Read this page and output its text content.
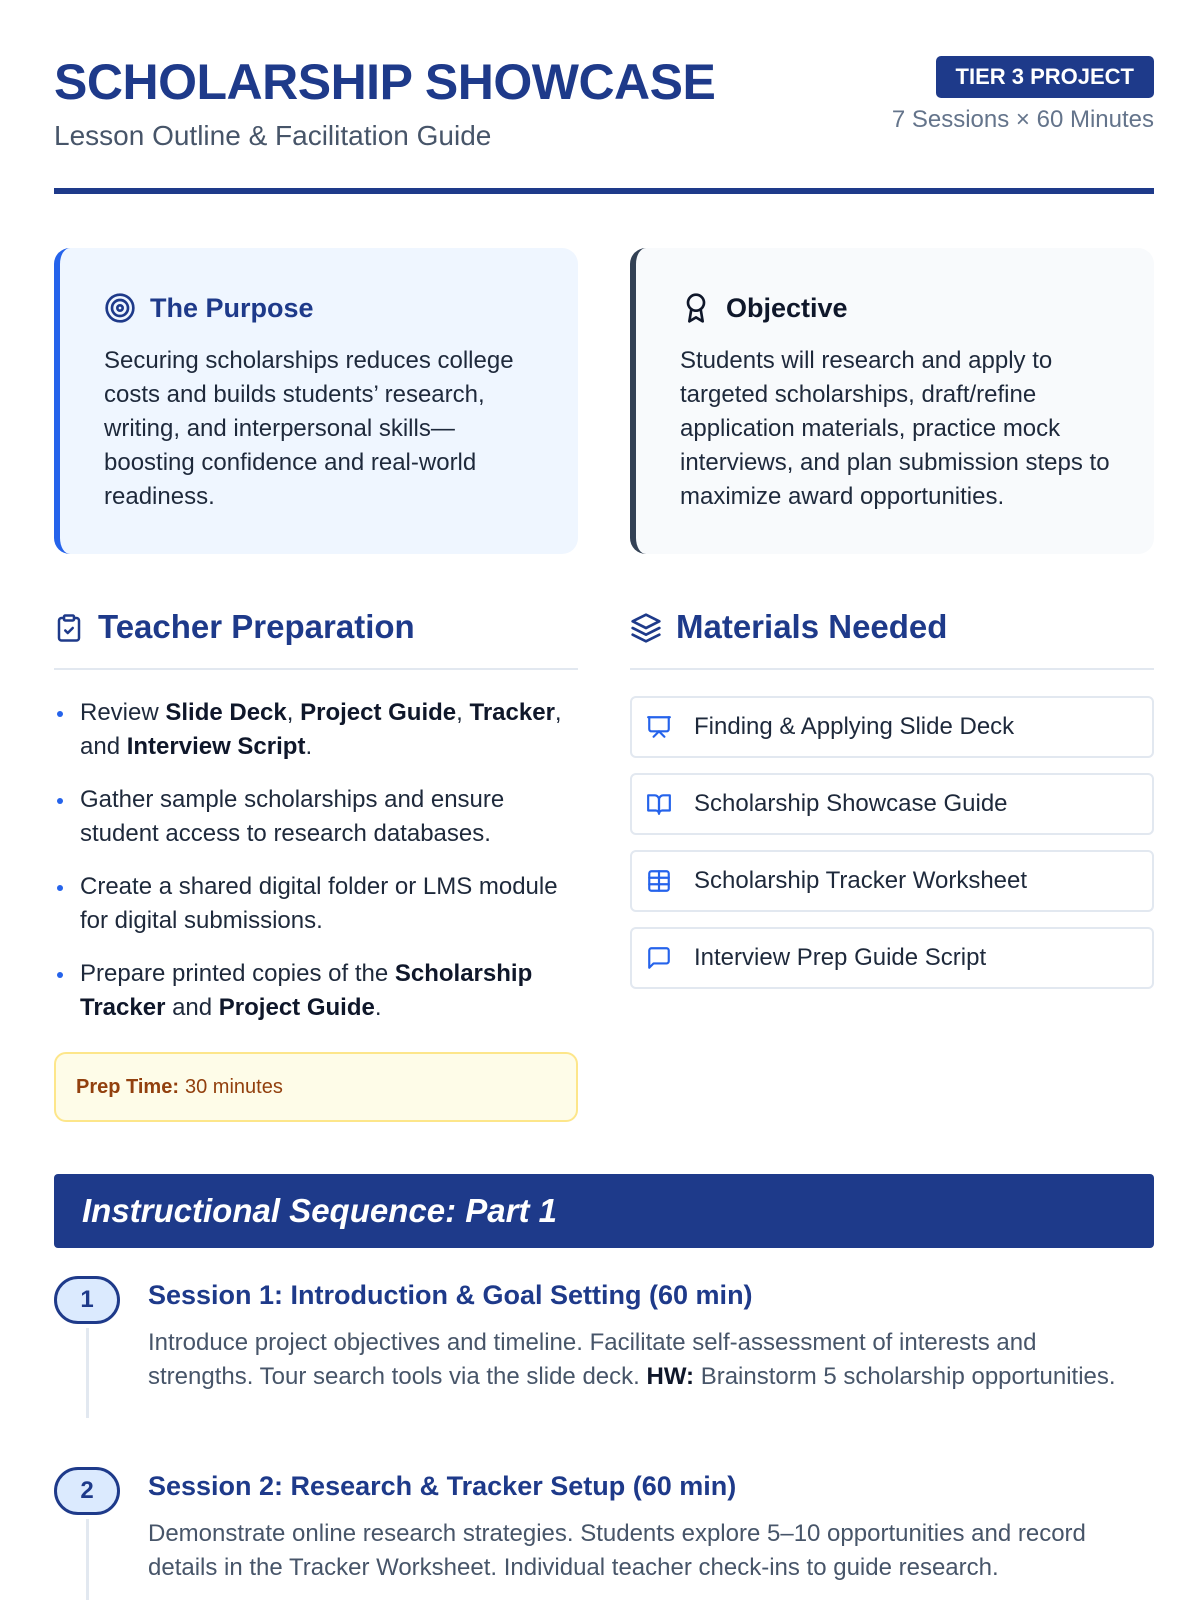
SCHOLARSHIP SHOWCASE
Lesson Outline & Facilitation Guide
TIER 3 PROJECT
7 Sessions × 60 Minutes
The Purpose
Securing scholarships reduces college costs and builds students’ research, writing, and interpersonal skills—boosting confidence and real-world readiness.
Objective
Students will research and apply to targeted scholarships, draft/refine application materials, practice mock interviews, and plan submission steps to maximize award opportunities.
Teacher Preparation
Review Slide Deck, Project Guide, Tracker, and Interview Script.
Gather sample scholarships and ensure student access to research databases.
Create a shared digital folder or LMS module for digital submissions.
Prepare printed copies of the Scholarship Tracker and Project Guide.
Prep Time: 30 minutes
Materials Needed
Finding & Applying Slide Deck
Scholarship Showcase Guide
Scholarship Tracker Worksheet
Interview Prep Guide Script
Instructional Sequence: Part 1
1	Session 1: Introduction & Goal Setting (60 min)
Introduce project objectives and timeline. Facilitate self-assessment of interests and strengths. Tour search tools via the slide deck. HW: Brainstorm 5 scholarship opportunities.
2	Session 2: Research & Tracker Setup (60 min)
Demonstrate online research strategies. Students explore 5–10 opportunities and record details in the Tracker Worksheet. Individual teacher check-ins to guide research.
